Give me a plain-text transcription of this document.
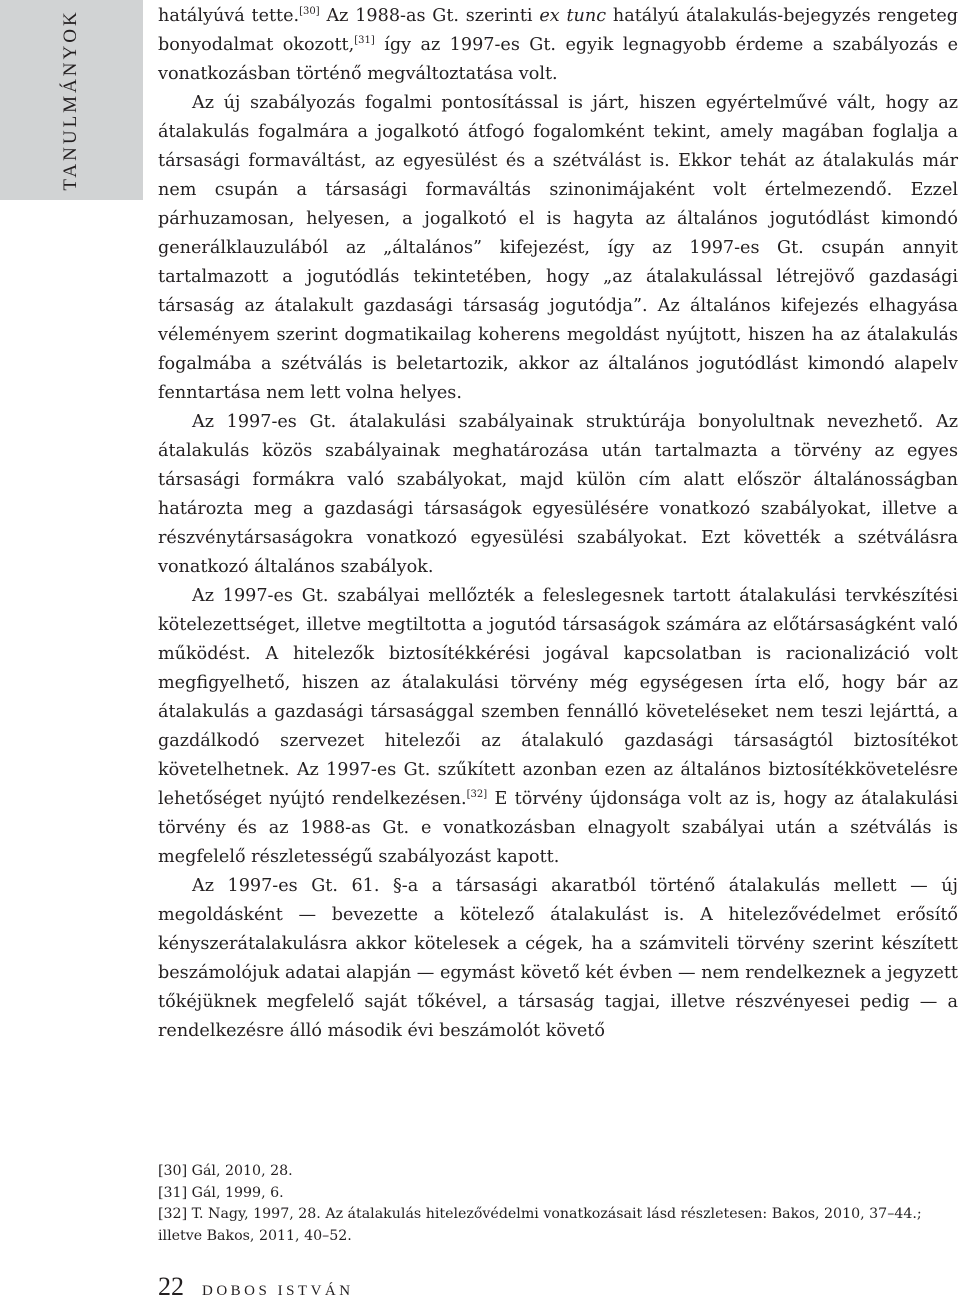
TANULMÁNYOK	hatályúvá tette.[30] Az 1988-as Gt. szerinti ex tunc hatályú átalakulás-bejegyzés rengeteg bonyodalmat okozott,[31] így az 1997-es Gt. egyik legnagyobb érdeme a szabályozás e vonatkozásban történő megváltoztatása volt.

Az új szabályozás fogalmi pontosítással is járt, hiszen egyértelművé vált, hogy az átalakulás fogalmára a jogalkotó átfogó fogalomként tekint, amely magában foglalja a társasági formaváltást, az egyesülést és a szétválást is. Ekkor tehát az átalakulás már nem csupán a társasági formaváltás szinonimájaként volt értelmezendő. Ezzel párhuzamosan, helyesen, a jogalkotó el is hagyta az általános jogutódlást kimondó generálklauzulából az „általános” kifejezést, így az 1997-es Gt. csupán annyit tartalmazott a jogutódlás tekintetében, hogy „az átalakulással létrejövő gazdasági társaság az átalakult gazdasági társaság jogutódja”. Az általános kifejezés elhagyása véleményem szerint dogmatikailag koherens megoldást nyújtott, hiszen ha az átalakulás fogalmába a szétválás is beletartozik, akkor az általános jogutódlást kimondó alapelv fenntartása nem lett volna helyes.

Az 1997-es Gt. átalakulási szabályainak struktúrája bonyolultnak nevezhető. Az átalakulás közös szabályainak meghatározása után tartalmazta a törvény az egyes társasági formákra való szabályokat, majd külön cím alatt először általánosságban határozta meg a gazdasági társaságok egyesülésére vonatkozó szabályokat, illetve a részvénytársaságokra vonatkozó egyesülési szabályokat. Ezt követték a szétválásra vonatkozó általános szabályok.

Az 1997-es Gt. szabályai mellőzték a feleslegesnek tartott átalakulási tervkészítési kötelezettséget, illetve megtiltotta a jogutód társaságok számára az előtársaságként való működést. A hitelezők biztosítékkérési jogával kapcsolatban is racionalizáció volt megfigyelhető, hiszen az átalakulási törvény még egységesen írta elő, hogy bár az átalakulás a gazdasági társasággal szemben fennálló követeléseket nem teszi lejárttá, a gazdálkodó szervezet hitelezői az átalakuló gazdasági társaságtól biztosítékot követelhetnek. Az 1997-es Gt. szűkített azonban ezen az általános biztosítékkövetelésre lehetőséget nyújtó rendelkezésen.[32] E törvény újdonsága volt az is, hogy az átalakulási törvény és az 1988-as Gt. e vonatkozásban elnagyolt szabályai után a szétválás is megfelelő részletességű szabályozást kapott.

Az 1997-es Gt. 61. §-a a társasági akaratból történő átalakulás mellett — új megoldásként — bevezette a kötelező átalakulást is. A hitelezővédelmet erősítő kényszerátalakulásra akkor kötelesek a cégek, ha a számviteli törvény szerint készített beszámolójuk adatai alapján — egymást követő két évben — nem rendelkeznek a jegyzett tőkéjüknek megfelelő saját tőkével, a társaság tagjai, illetve részvényesei pedig — a rendelkezésre álló második évi beszámolót követő

[30] Gál, 2010, 28.
[31] Gál, 1999, 6.
[32] T. Nagy, 1997, 28. Az átalakulás hitelezővédelmi vonatkozásait lásd részletesen: Bakos, 2010, 37–44.; illetve Bakos, 2011, 40–52.
22 DOBOS ISTVÁN
